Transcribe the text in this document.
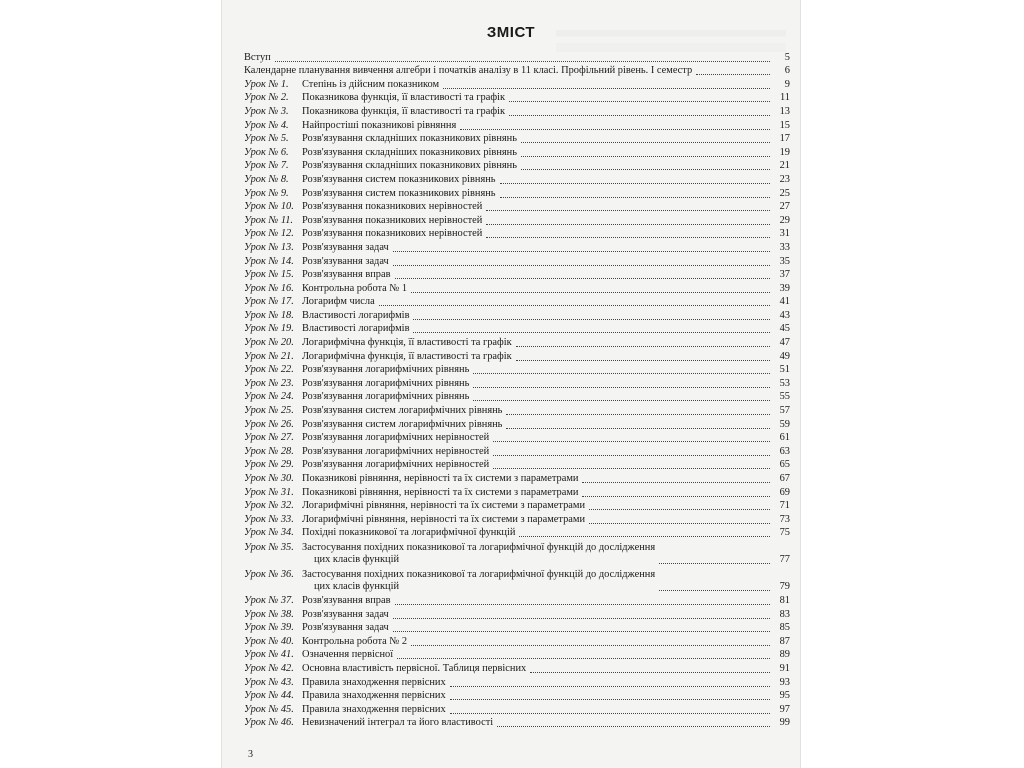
ЗМІСТ
Вступ	5
Календарне планування вивчення алгебри і початків аналізу в 11 класі. Профільний рівень. I семестр	6
Урок № 1.	Степінь із дійсним показником	9
Урок № 2.	Показникова функція, її властивості та графік	11
Урок № 3.	Показникова функція, її властивості та графік	13
Урок № 4.	Найпростіші показникові рівняння	15
Урок № 5.	Розв'язування складніших показникових рівнянь	17
Урок № 6.	Розв'язування складніших показникових рівнянь	19
Урок № 7.	Розв'язування складніших показникових рівнянь	21
Урок № 8.	Розв'язування систем показникових рівнянь	23
Урок № 9.	Розв'язування систем показникових рівнянь	25
Урок № 10. Розв'язування показникових нерівностей	27
Урок № 11. Розв'язування показникових нерівностей	29
Урок № 12. Розв'язування показникових нерівностей	31
Урок № 13. Розв'язування задач	33
Урок № 14. Розв'язування задач	35
Урок № 15. Розв'язування вправ	37
Урок № 16. Контрольна робота № 1	39
Урок № 17. Логарифм числа	41
Урок № 18. Властивості логарифмів	43
Урок № 19. Властивості логарифмів	45
Урок № 20. Логарифмічна функція, її властивості та графік	47
Урок № 21. Логарифмічна функція, її властивості та графік	49
Урок № 22. Розв'язування логарифмічних рівнянь	51
Урок № 23. Розв'язування логарифмічних рівнянь	53
Урок № 24. Розв'язування логарифмічних рівнянь	55
Урок № 25. Розв'язування систем логарифмічних рівнянь	57
Урок № 26. Розв'язування систем логарифмічних рівнянь	59
Урок № 27. Розв'язування логарифмічних нерівностей	61
Урок № 28. Розв'язування логарифмічних нерівностей	63
Урок № 29. Розв'язування логарифмічних нерівностей	65
Урок № 30. Показникові рівняння, нерівності та їх системи з параметрами	67
Урок № 31. Показникові рівняння, нерівності та їх системи з параметрами	69
Урок № 32. Логарифмічні рівняння, нерівності та їх системи з параметрами	71
Урок № 33. Логарифмічні рівняння, нерівності та їх системи з параметрами	73
Урок № 34. Похідні показникової та логарифмічної функцій	75
Урок № 35. Застосування похідних показникової та логарифмічної функцій до дослідження
цих класів функцій	77
Урок № 36. Застосування похідних показникової та логарифмічної функцій до дослідження
цих класів функцій	79
Урок № 37. Розв'язування вправ	81
Урок № 38. Розв'язування задач	83
Урок № 39. Розв'язування задач	85
Урок № 40. Контрольна робота № 2	87
Урок № 41. Означення первісної	89
Урок № 42. Основна властивість первісної. Таблиця первісних	91
Урок № 43. Правила знаходження первісних	93
Урок № 44. Правила знаходження первісних	95
Урок № 45. Правила знаходження первісних	97
Урок № 46. Невизначений інтеграл та його властивості	99
3
